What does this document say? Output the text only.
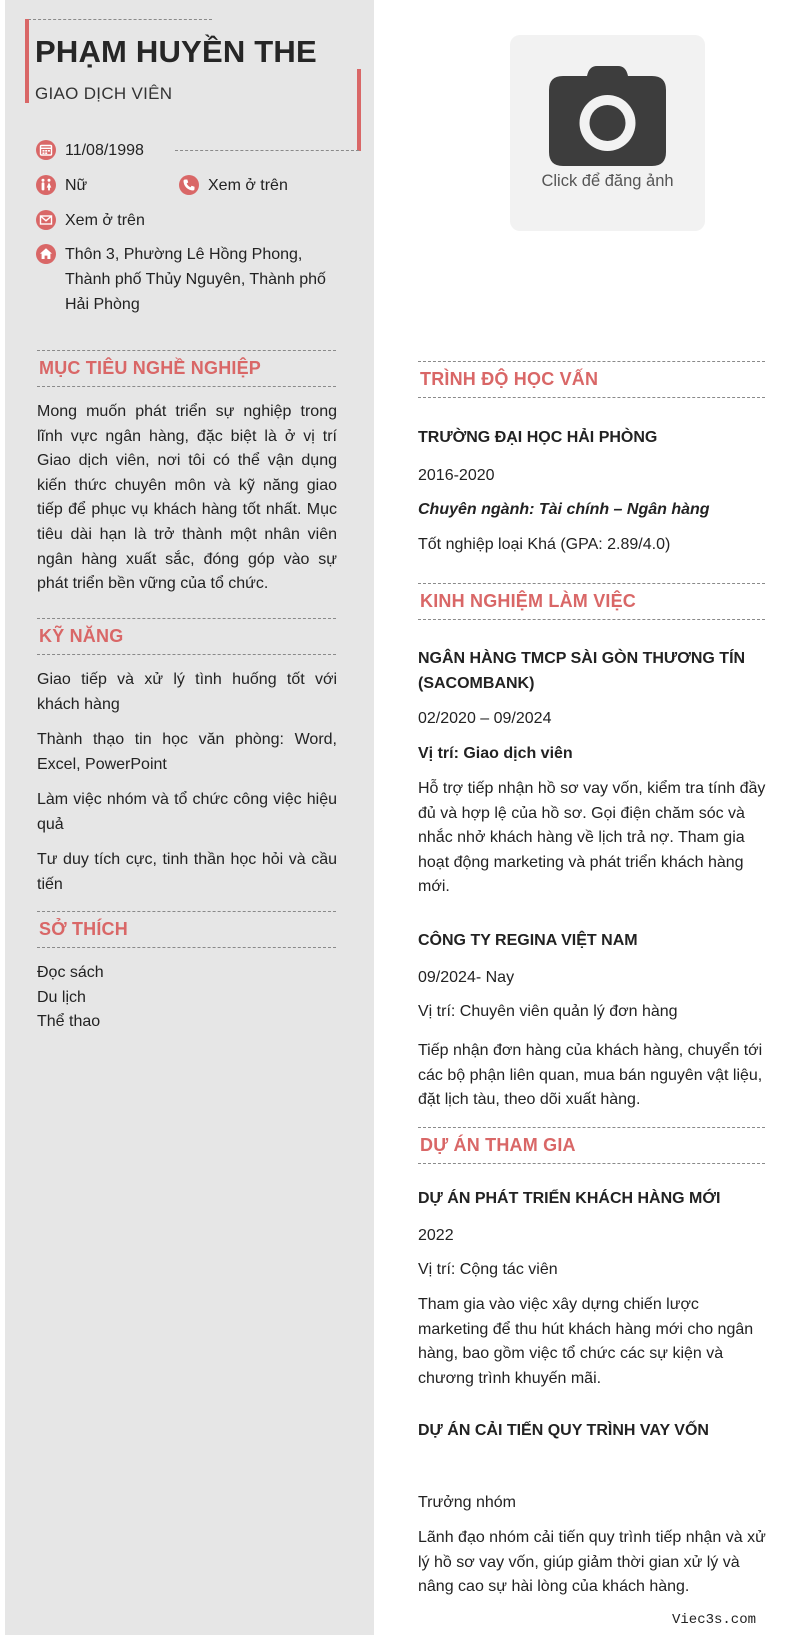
PHẠM HUYỀN THE
GIAO DỊCH VIÊN
11/08/1998
Nữ	Xem ở trên
Xem ở trên
Thôn 3, Phường Lê Hồng Phong, Thành phố Thủy Nguyên, Thành phố Hải Phòng
Click để đăng ảnh
MỤC TIÊU NGHỀ NGHIỆP
Mong muốn phát triển sự nghiệp trong lĩnh vực ngân hàng, đặc biệt là ở vị trí Giao dịch viên, nơi tôi có thể vận dụng kiến thức chuyên môn và kỹ năng giao tiếp để phục vụ khách hàng tốt nhất. Mục tiêu dài hạn là trở thành một nhân viên ngân hàng xuất sắc, đóng góp vào sự phát triển bền vững của tổ chức.
KỸ NĂNG
Giao tiếp và xử lý tình huống tốt với khách hàng
Thành thạo tin học văn phòng: Word, Excel, PowerPoint
Làm việc nhóm và tổ chức công việc hiệu quả
Tư duy tích cực, tinh thần học hỏi và cầu tiến
SỞ THÍCH
Đọc sách
Du lịch
Thể thao
TRÌNH ĐỘ HỌC VẤN
TRƯỜNG ĐẠI HỌC HẢI PHÒNG
2016-2020
Chuyên ngành: Tài chính – Ngân hàng
Tốt nghiệp loại Khá (GPA: 2.89/4.0)
KINH NGHIỆM LÀM VIỆC
NGÂN HÀNG TMCP SÀI GÒN THƯƠNG TÍN (SACOMBANK)
02/2020 – 09/2024
Vị trí: Giao dịch viên
Hỗ trợ tiếp nhận hồ sơ vay vốn, kiểm tra tính đầy đủ và hợp lệ của hồ sơ. Gọi điện chăm sóc và nhắc nhở khách hàng về lịch trả nợ. Tham gia hoạt động marketing và phát triển khách hàng mới.
CÔNG TY REGINA VIỆT NAM
09/2024- Nay
Vị trí: Chuyên viên quản lý đơn hàng
Tiếp nhận đơn hàng của khách hàng, chuyển tới các bộ phận liên quan, mua bán nguyên vật liệu, đặt lịch tàu, theo dõi xuất hàng.
DỰ ÁN THAM GIA
DỰ ÁN PHÁT TRIỂN KHÁCH HÀNG MỚI
2022
Vị trí: Cộng tác viên
Tham gia vào việc xây dựng chiến lược marketing để thu hút khách hàng mới cho ngân hàng, bao gồm việc tổ chức các sự kiện và chương trình khuyến mãi.
DỰ ÁN CẢI TIẾN QUY TRÌNH VAY VỐN
Trưởng nhóm
Lãnh đạo nhóm cải tiến quy trình tiếp nhận và xử lý hồ sơ vay vốn, giúp giảm thời gian xử lý và nâng cao sự hài lòng của khách hàng.
Viec3s.com
